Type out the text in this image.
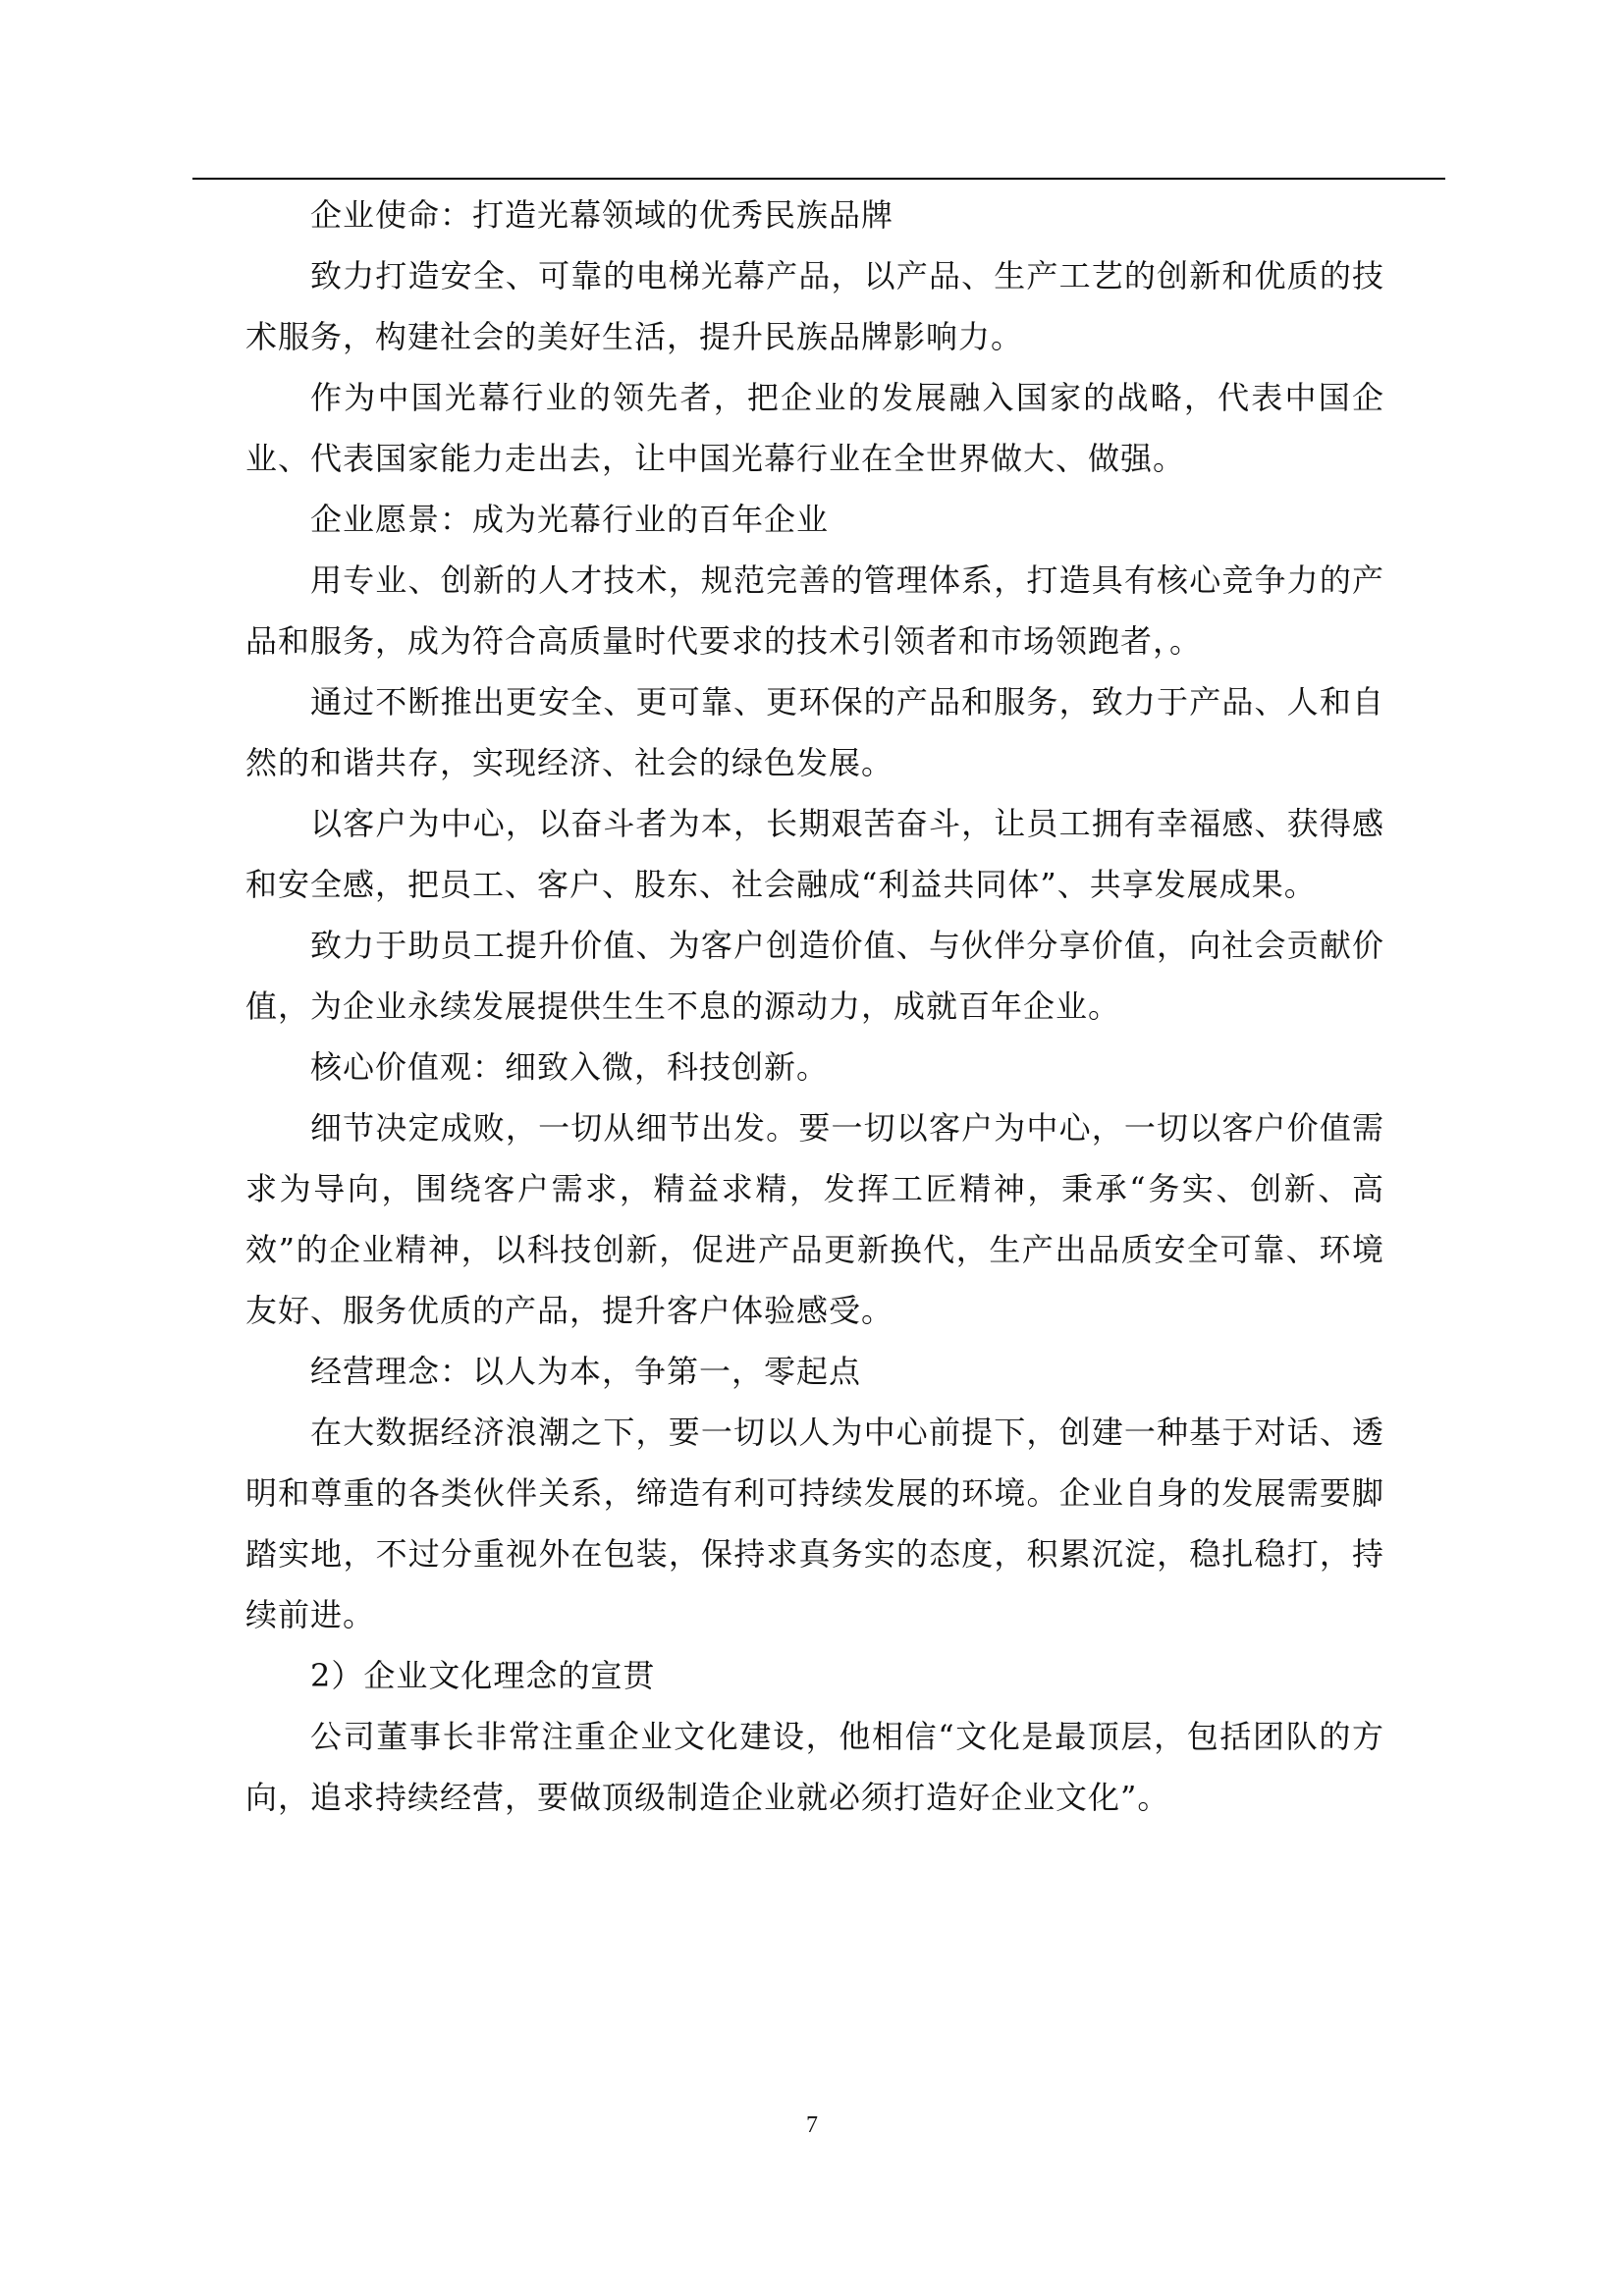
企业使命：打造光幕领域的优秀民族品牌

致力打造安全、可靠的电梯光幕产品，以产品、生产工艺的创新和优质的技术服务，构建社会的美好生活，提升民族品牌影响力。

作为中国光幕行业的领先者，把企业的发展融入国家的战略，代表中国企业、代表国家能力走出去，让中国光幕行业在全世界做大、做强。

企业愿景：成为光幕行业的百年企业

用专业、创新的人才技术，规范完善的管理体系，打造具有核心竞争力的产品和服务，成为符合高质量时代要求的技术引领者和市场领跑者，。

通过不断推出更安全、更可靠、更环保的产品和服务，致力于产品、人和自然的和谐共存，实现经济、社会的绿色发展。

以客户为中心，以奋斗者为本，长期艰苦奋斗，让员工拥有幸福感、获得感和安全感，把员工、客户、股东、社会融成“利益共同体”、共享发展成果。

致力于助员工提升价值、为客户创造价值、与伙伴分享价值，向社会贡献价值，为企业永续发展提供生生不息的源动力，成就百年企业。

核心价值观：细致入微，科技创新。

细节决定成败，一切从细节出发。要一切以客户为中心，一切以客户价值需求为导向，围绕客户需求，精益求精，发挥工匠精神，秉承“务实、创新、高效”的企业精神，以科技创新，促进产品更新换代，生产出品质安全可靠、环境友好、服务优质的产品，提升客户体验感受。

经营理念：以人为本，争第一，零起点

在大数据经济浪潮之下，要一切以人为中心前提下，创建一种基于对话、透明和尊重的各类伙伴关系，缔造有利可持续发展的环境。企业自身的发展需要脚踏实地，不过分重视外在包装，保持求真务实的态度，积累沉淀，稳扎稳打，持续前进。

2）企业文化理念的宣贯

公司董事长非常注重企业文化建设，他相信“文化是最顶层，包括团队的方向，追求持续经营，要做顶级制造企业就必须打造好企业文化”。

7
